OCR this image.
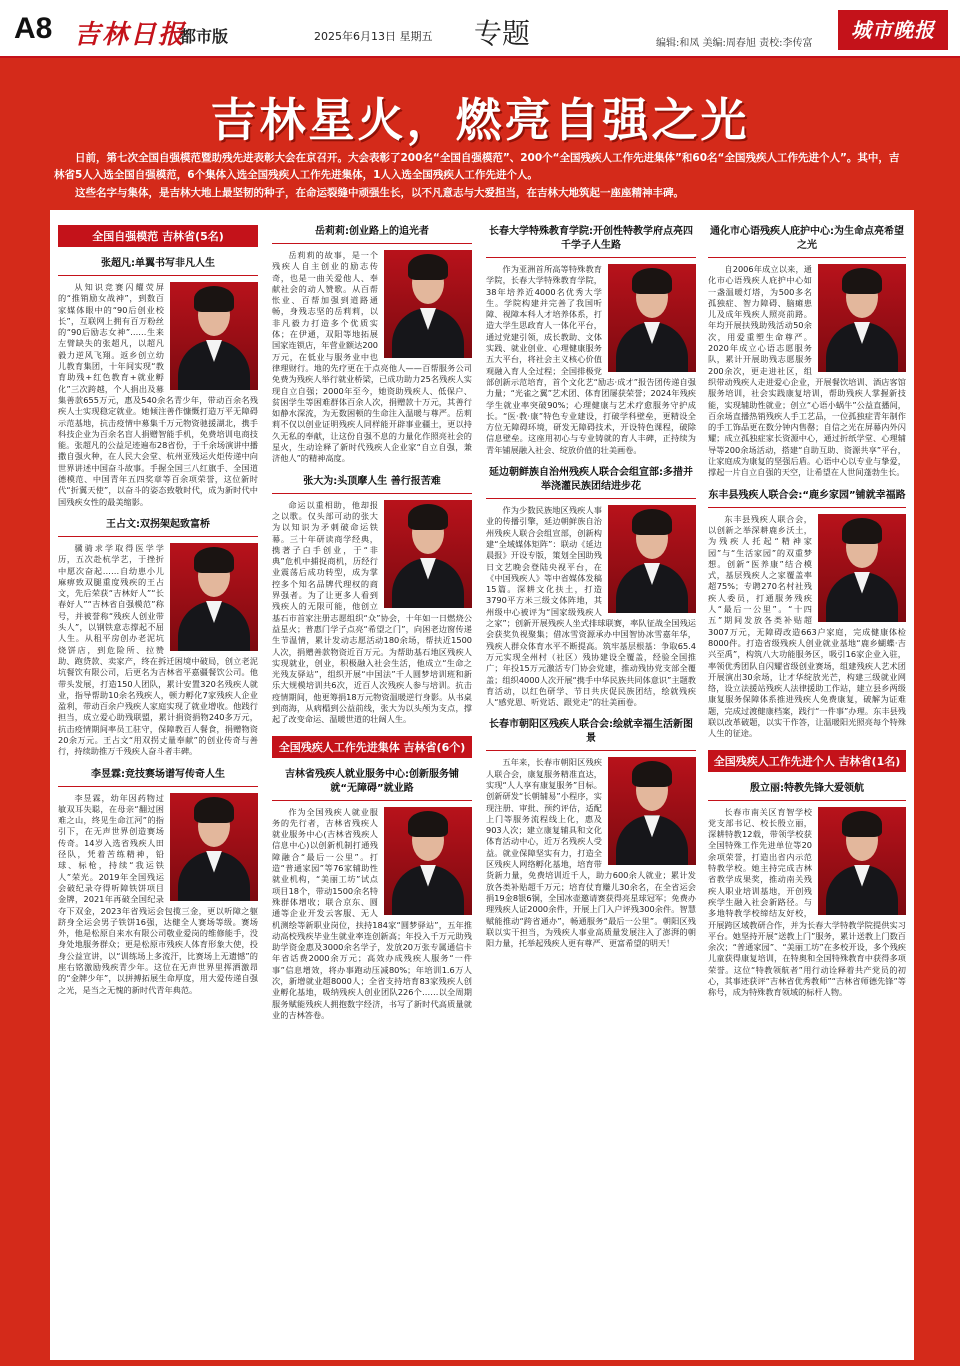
A8 吉林日报
都市版	2025年6月13日 星期五 专题	编辑:和凤 美编:周春旭 责校:李传富
城市晚报
吉林星火，燃亮自强之光

日前，第七次全国自强模范暨助残先进表彰大会在京召开。大会表彰了200名“全国自强模范”、200个“全国残疾人工作先进集体”和60名“全国残疾人工作先进个人”。其中，吉林省5人入选全国自强模范，6个集体入选全国残疾人工作先进集体，1人入选全国残疾人工作先进个人。

这些名字与集体，是吉林大地上最坚韧的种子，在命运裂缝中顽强生长，以不凡意志与大爱担当，在吉林大地筑起一座座精神丰碑。

全国自强模范 吉林省(5名)
张超凡:单翼书写非凡人生
从知识竞赛闪耀荧屏的“推销励女战神”，到数百家媒体眼中的“90后创业校长”，互联网上拥有百万粉丝的“90后励志女神”……生来左臂缺失的张超凡，以超凡毅力逆风飞翔。返乡创立幼儿教育集团，十年间实现“教育助残+红色教育+就业孵化”三次跨越，个人捐出及募集善款655万元，惠及540余名青少年，带动百余名残疾人士实现稳定就业。她倾注善作慷慨打造万平无障碍示范基地，抗击疫情中募集千万元物资驰援湖北，携手科技企业为百余名盲人捐赠智能手机，免费培训电商技能。张超凡的公益足迹遍布28省份，于千余场演讲中播撒自强火种，在人民大会堂、杭州亚残运火炬传递中向世界讲述中国奋斗故事。手握全国三八红旗手、全国道德模范、中国青年五四奖章等百余项荣誉，这位新时代“折翼天使”，以奋斗的姿态致敬时代，成为新时代中国残疾女性的最美缩影。
王占文:双拐架起致富桥
骥骑求学取得医学学历，五次赴杭学艺，于挫折中愿次奋起……自幼患小儿麻痹致双腿重度残疾的王占文，先后荣获“吉林好人”“长春好人”“吉林省自强模范”称号，并被誉称“残疾人创业带头人”，以钢铁意志撑起不屈人生。从租平房创办老泥坑烧饼店，到危险所、拉赞助、跑贷款、卖家产，终在拆迁困境中破局，创立老泥坑餐饮有限公司，后更名为吉林省平嘉疆餐饮公司。他带头发展，打造150人团队，累计安置320名残疾人就业，指导帮助10余名残疾人，顿力孵化7家残疾人企业盈利，带动百余户残疾人家庭实现了就业增收。他践行担当，成立爱心助残联盟，累计捐资捐物240多万元，抗击疫情期间率员工驻守，保障教百人餐食，捐赠物资20余万元。王占文“用双拐丈量奉献”的创业传奇与善行，持续助推万千残疾人奋斗者丰碑。
李昱霖:竞技赛场谱写传奇人生
李昱霖，幼年因药物过敏双耳失聪，在母亲“翻过困难之山，终见生命江河”的指引下，在无声世界创造赛场传奇。14岁入选省残疾人田径队，凭着苦练精神，铅球、标枪，持续“我运铁人”荣光。2019年全国残运会破纪录夺得听障铁饼项目金牌，2021年再破全国纪录夺下双金，2023年省残运会包揽三金，更以听障之躯跻身全运会男子铁饼16强，达健全人赛场等级。赛场外，他是松原自来水有限公司敬业爱岗的维修能手，没身处地服务群众；更是松原市残疾人体育形象大使，投身公益宣讲，以“训练场上多流汗，比赛场上无遗憾”的座右铭激励残疾青少年。这位在无声世界里挥洒激昂的“金牌少年”，以拼搏拓展生命厚度，用大爱传递自强之光，是当之无愧的新时代青年典范。
岳莉莉:创业路上的追光者
岳莉莉的故事，是一个残疾人自主创业的励志传奇，也是一曲关爱他人、奉献社会的动人赞歌。从百帮怅业、百帮加强到道路通畅，身残志坚的岳莉莉，以非凡毅力打造多个优质实体；在伊通，双阳等地拓展国家连锁店，年营业额达200万元，在低业与服务业中也律理财行。地的先疗更在于点亮他人——百帮服务公司免费为残疾人举行就业桥梁，已成功助力25名残疾人实现自立自强；2000年至今，她资助残疾人、低保户、贫困学生等困难群体百余人次，捐赠款十万元，其善行如静水深流，为无数困顿的生命注入温暖与尊严。岳莉莉不仅以创业证明残疾人同样能开辟事业疆土，更以持久无私的奉献，让这份自强不息的力量化作照亮社会的星火，生动诠释了新时代残疾人企业家“自立自强，兼济他人”的精神高度。
张大为:头顶摩人生 善行报苦难
命运以重相助，他却报之以歌。仅头部可动的张大为以知识为矛刺破命运铁幕。三十年研读商学经典，携著子白手创业，于“非典”危机中捕捉商机，历经行业震荡后成功转型，成为掌控多个知名品牌代理权的商界强者。为了让更多人看到残疾人的无限可能，他创立基石市首家注册志愿组织“众”协会，十年如一日燃烧公益星火；普惠门学子点亮“希望之门”，向困老边窗传递生节温情，累计发动志愿活动180余场，帮扶近1500人次，捐赠善款物资近百万元。为帮助基石地区残疾人实现就业，创业，积极融入社会生活，他成立“生命之光残友驿站”，组织开展“中国法”千人圆梦培训班和新乐大规模培训共6次，近百人次残疾人参与培训。抗击疫情期间，他更筹捐18万元物资温暖逆行身影。从书桌到商海，从病榻到公益前线，张大为以头颅为支点，撑起了改变命运、温暖世道的壮阔人生。
全国残疾人工作先进集体 吉林省(6个)
吉林省残疾人就业服务中心:创新服务铺就“无障碍”就业路
作为全国残疾人就业服务的先行者，吉林省残疾人就业服务中心(吉林省残疾人信息中心)以创新机制打通残障融合“最后一公里”。打造“普通家园”等76家辅助性就业机构，“美丽工坊”试点项目18个，带动1500余名特殊群体增收；联合京东、圆通等企业开发云客服、无人机测绘等新职业岗位，扶持184家“圆梦驿站”，五年推动高校残疾毕业生就业率连创新高；年投入千万元助残助学资金惠及3000余名学子，发放20万张专属通信卡年省话费2000余万元；高效办成残疾人服务“一件事”信息增效，将办事跑动压减80%；年培训1.6万人次，新增就业超8000人；全省支持培育83家残疾人创业孵化基地，吸纳残疾人创业团队226个……以全周期服务赋能残疾人拥抱数字经济，书写了新时代高质量就业的吉林答卷。
长春大学特殊教育学院:开创性特教学府点亮四千学子人生路
作为亚洲首所高等特殊教育学院，长春大学特殊教育学院，38年培养近4000名优秀大学生。学院构建并完善了我国听障、视障本科人才培养体系，打造大学生思政育人一体化平台，通过党建引领，成长教助、文体实践、就业创业、心理健康服务五大平台，将社会主义核心价值观融入育人全过程；全国排极党部创新示范培育，首个文化艺“励志·成才”报告团传递自强力量；“光雀之翼”艺术团、体育团屡获荣誉；2024年残疾学生就业率突破90%；心理健康与艺术疗愈服务守护成长。“医·教·康”特色专业建设，打破学科壁垒，更精设全方位无障碍环境，研发无障碍技术，开设特色课程，破除信息壁垒。这座用初心与专业铸就的育人丰碑，正持续为青年铺展融入社会、绽放价值的壮美画卷。
延边朝鲜族自治州残疾人联合会组宣部:多措并举浇灌民族团结进步花
作为少数民族地区残疾人事业的传播引擎，延边朝鲜族自治州残疾人联合会组宣部，创新构建“全域媒体矩阵”：联动《延边晨报》开设专版，策划全国助残日文艺晚会登陆央视平台，在《中国残疾人》等中省媒体发稿15篇。深耕文化扶土，打造3790平方米三级文体阵地，其州级中心被评为“国家级残疾人之家”；创新开展残疾人坐式排球联赛，率队征战全国残运会获奖负视聚集；借冰雪资源承办中国智协冰雪嘉年华，残疾人群众体育水平不断提高。筑牢基层根基：争取65.4万元实现全州村（社区）残协建设全覆盖，经验全国推广；年投15万元激活专门协会党建，推动残协党支部全覆盖；组织4000人次开展“携手中华民族共同体意识”主题教育活动，以红色研学、节日共庆促民族团结，绘就残疾人“感党恩、听党话、跟党走”的壮美画卷。
长春市朝阳区残疾人联合会:绘就幸福生活新图景
五年来，长春市朝阳区残疾人联合会，康复服务精准直达，实现“人人享有康复服务”目标。创新研发“长朝辅易”小程序，实现注册、审批、预约评估，适配上门等服务流程线上化，惠及903人次；建立康复辅具和文化体育活动中心，近万名残疾人受益。就业保障坚实有力，打造全区残疾人网络孵化基地，培育带货新力量，免费培训近千人，助力600余人就业；累计发放各类补贴超千万元；培育仗育赚儿30余名，在全省运会捐19金8银6铜，全国冰壶邀请赛获得亮星球冠军；免费办理残疾人证2000余件，开展上门入户评残300余件。智慧赋能推动“跨省通办”，畅通服务“最后一公里”。朝阳区残联以实干担当，为残疾人事业高质量发展注入了澎湃的朝阳力量，托举起残疾人更有尊严、更富希望的明天！
通化市心语残疾人庇护中心:为生命点亮希望之光
自2006年成立以来，通化市心语残疾人庇护中心如一盏温暖灯塔，为500多名孤独症、智力障碍、脑瘫患儿及成年残疾人照亮前路。年均开展扶残助残活动50余次，用爱重塑生命尊严。2020年成立心语志愿服务队，累计开展助残志愿服务200余次，更走进社区，组织带动残疾人走进爱心企业，开展餐饮培训、酒店客馆服务培训，社会实践康复培训，帮助残疾人掌握新技能，实现辅助性就业；创立“心语小蜗牛”公益直播间，百余场直播热销残疾人手工艺品，一位孤独症青年制作的手工饰品更在数分钟内售罄；自信之光在屏幕内外闪耀；成立孤独症家长资源中心，通过折纸学堂、心理辅导等200余场活动，搭建“自助互助、资源共享”平台，让家庭成为康复的坚强后盾。心语中心以专业与挚爱，撑起一片自立自强的天空，让希望在人世间蓬勃生长。
东丰县残疾人联合会:“鹿乡家园”铺就幸福路
东丰县残疾人联合会，以创新之举深耕鹿乡沃土，为残疾人托起“精神家园”与“生活家园”的双重梦想。创新“医养康”结合模式，基层残疾人之家覆盖率超75%；专聘270名村社残疾人委员，打通服务残疾人“最后一公里”。“十四五”期间发放各类补贴超3007万元，无障碍改造663户家庭，完成健康体检8000件。打造省级残疾人创业就业基地“鹿乡蝴蝶·吉兴至禹”，构筑八大功能服务区，吸引16家企业入驻，率领优秀团队自闪耀省级创业赛场，组建残疾人艺术团开展演出30余场，让才华绽放光芒，构建三级就业网络，设立法援站残疾人法律援助工作站，建立县乡两级康复服务保障体系推进残疾人免费康复，破解为证难题，完成过渡健康档案，践行“一件事”办理。东丰县残联以改革破题，以实干作答，让温暖阳光照亮每个特殊人生的征途。
全国残疾人工作先进个人 吉林省(1名)
殷立丽:特教先锋大爱领航
长春市南关区育智学校党支部书记、校长殷立丽，深耕特教12载，带领学校获全国特殊工作先进单位等20余项荣誉，打造出省内示范特教学校。她主持完成吉林省教学成果奖，推动南关残疾人职业培训基地，开创残疾学生融入社会新路径。与多地特教学校缔结友好校，开展跨区域教研合作，并为长春大学特教学院提供实习平台。她坚持开展“送教上门”服务，累计送教上门数百余次；“普通家园”、“美丽工坊”在多校开设，多个残疾儿童获得康复培训，在特奥和全国特殊教育中获得多项荣誉。这位“特教领航者”用行动诠释着共产党员的初心，其事迹获评“吉林省优秀教师”“吉林省师德先锋”等称号，成为特殊教育领域的标杆人物。
